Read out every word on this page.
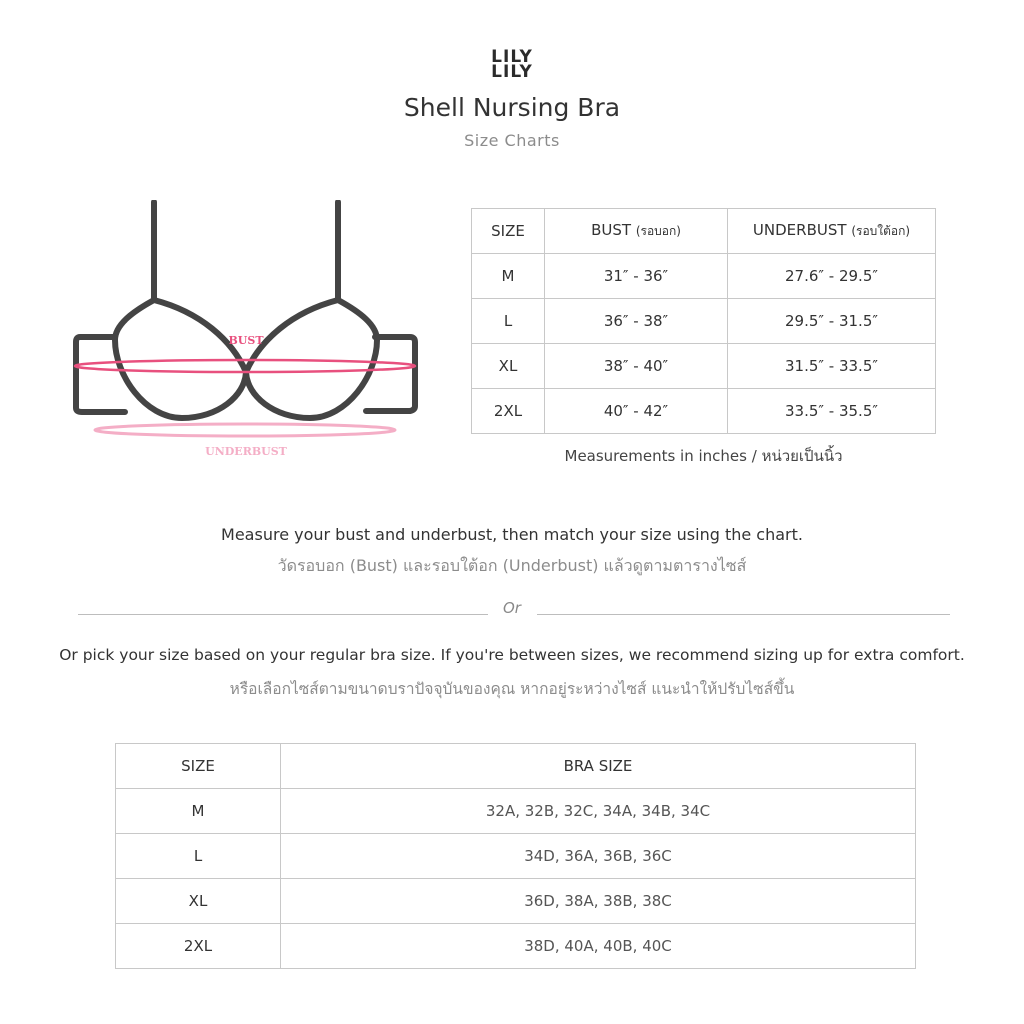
LILY
LILY
Shell Nursing Bra
Size Charts
BUST
UNDERBUST
SIZE	BUST (รอบอก)	UNDERBUST (รอบใต้อก)
M	31″ - 36″	27.6″ - 29.5″
L	36″ - 38″	29.5″ - 31.5″
XL	38″ - 40″	31.5″ - 33.5″
2XL	40″ - 42″	33.5″ - 35.5″
Measurements in inches / หน่วยเป็นนิ้ว
Measure your bust and underbust, then match your size using the chart.
วัดรอบอก (Bust) และรอบใต้อก (Underbust) แล้วดูตามตารางไซส์
Or
Or pick your size based on your regular bra size. If you're between sizes, we recommend sizing up for extra comfort.
หรือเลือกไซส์ตามขนาดบราปัจจุบันของคุณ หากอยู่ระหว่างไซส์ แนะนำให้ปรับไซส์ขึ้น
SIZE	BRA SIZE
M	32A, 32B, 32C, 34A, 34B, 34C
L	34D, 36A, 36B, 36C
XL	36D, 38A, 38B, 38C
2XL	38D, 40A, 40B, 40C
